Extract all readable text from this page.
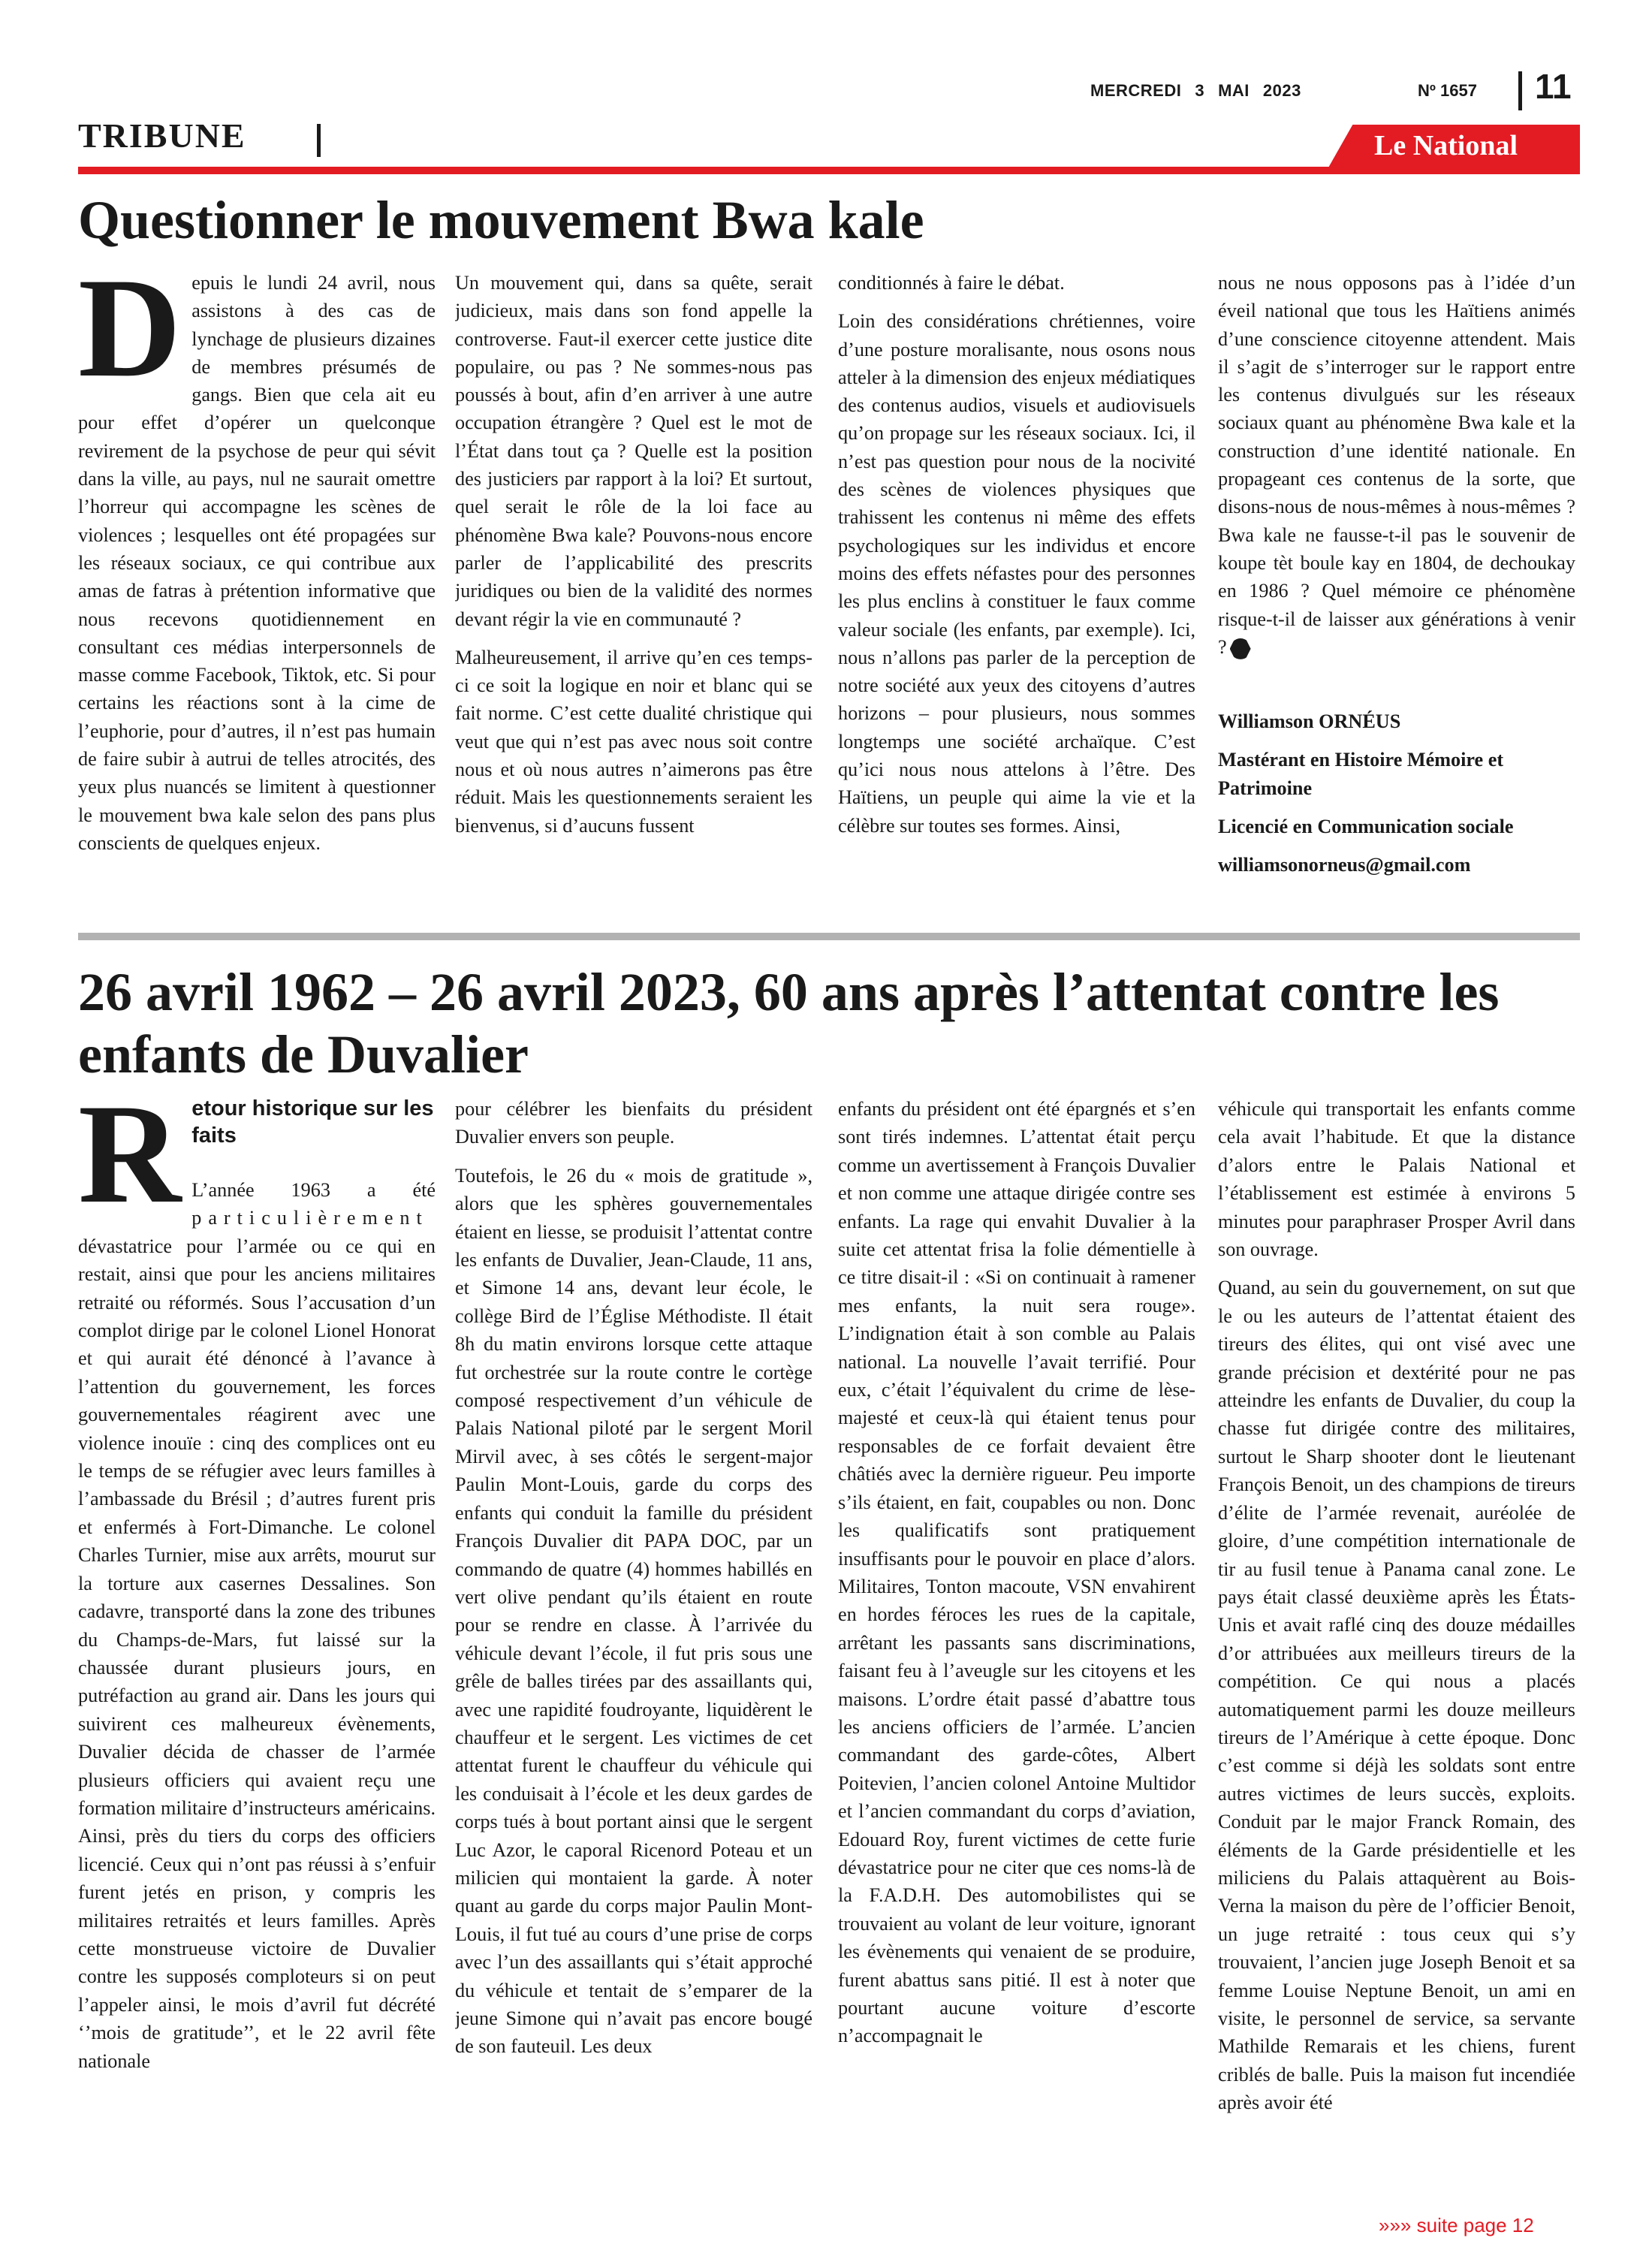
MERCREDI 3 MAI 2023	Nº 1657 11
TRIBUNE	Le National
Questionner le mouvement Bwa kale

Depuis le lundi 24 avril, nous assistons à des cas de lynchage de plusieurs dizaines de membres présumés de gangs. Bien que cela ait eu pour effet d’opérer un quelconque revirement de la psychose de peur qui sévit dans la ville, au pays, nul ne saurait omettre l’horreur qui accompagne les scènes de violences ; lesquelles ont été propagées sur les réseaux sociaux, ce qui contribue aux amas de fatras à prétention informative que nous recevons quotidiennement en consultant ces médias interpersonnels de masse comme Facebook, Tiktok, etc. Si pour certains les réactions sont à la cime de l’euphorie, pour d’autres, il n’est pas humain de faire subir à autrui de telles atrocités, des yeux plus nuancés se limitent à questionner le mouvement bwa kale selon des pans plus conscients de quelques enjeux.

Un mouvement qui, dans sa quête, serait judicieux, mais dans son fond appelle la controverse. Faut-il exercer cette justice dite populaire, ou pas ? Ne sommes-nous pas poussés à bout, afin d’en arriver à une autre occupation étrangère ? Quel est le mot de l’État dans tout ça ? Quelle est la position des justiciers par rapport à la loi? Et surtout, quel serait le rôle de la loi face au phénomène Bwa kale? Pouvons-nous encore parler de l’applicabilité des prescrits juridiques ou bien de la validité des normes devant régir la vie en communauté ?

Malheureusement, il arrive qu’en ces temps-ci ce soit la logique en noir et blanc qui se fait norme. C’est cette dualité christique qui veut que qui n’est pas avec nous soit contre nous et où nous autres n’aimerons pas être réduit. Mais les questionnements seraient les bienvenus, si d’aucuns fussent

conditionnés à faire le débat.

Loin des considérations chrétiennes, voire d’une posture moralisante, nous osons nous atteler à la dimension des enjeux médiatiques des contenus audios, visuels et audiovisuels qu’on propage sur les réseaux sociaux. Ici, il n’est pas question pour nous de la nocivité des scènes de violences physiques que trahissent les contenus ni même des effets psychologiques sur les individus et encore moins des effets néfastes pour des personnes les plus enclins à constituer le faux comme valeur sociale (les enfants, par exemple). Ici, nous n’allons pas parler de la perception de notre société aux yeux des citoyens d’autres horizons – pour plusieurs, nous sommes longtemps une société archaïque. C’est qu’ici nous nous attelons à l’être. Des Haïtiens, un peuple qui aime la vie et la célèbre sur toutes ses formes. Ainsi,

nous ne nous opposons pas à l’idée d’un éveil national que tous les Haïtiens animés d’une conscience citoyenne attendent. Mais il s’agit de s’interroger sur le rapport entre les contenus divulgués sur les réseaux sociaux quant au phénomène Bwa kale et la construction d’une identité nationale. En propageant ces contenus de la sorte, que disons-nous de nous-mêmes à nous-mêmes ? Bwa kale ne fausse-t-il pas le souvenir de koupe tèt boule kay en 1804, de dechoukay en 1986 ? Quel mémoire ce phénomène risque-t-il de laisser aux générations à venir ?

Williamson ORNÉUS

Mastérant en Histoire Mémoire et Patrimoine

Licencié en Communication sociale

williamsonorneus@gmail.com

26 avril 1962 – 26 avril 2023, 60 ans après l’attentat contre les enfants de Duvalier
R etour historique sur les faits

L’année 1963 a été particulièrement dévastatrice pour l’armée ou ce qui en restait, ainsi que pour les anciens militaires retraité ou réformés. Sous l’accusation d’un complot dirige par le colonel Lionel Honorat et qui aurait été dénoncé à l’avance à l’attention du gouvernement, les forces gouvernementales réagirent avec une violence inouïe : cinq des complices ont eu le temps de se réfugier avec leurs familles à l’ambassade du Brésil ; d’autres furent pris et enfermés à Fort-Dimanche. Le colonel Charles Turnier, mise aux arrêts, mourut sur la torture aux casernes Dessalines. Son cadavre, transporté dans la zone des tribunes du Champs-de-Mars, fut laissé sur la chaussée durant plusieurs jours, en putréfaction au grand air. Dans les jours qui suivirent ces malheureux évènements, Duvalier décida de chasser de l’armée plusieurs officiers qui avaient reçu une formation militaire d’instructeurs américains. Ainsi, près du tiers du corps des officiers licencié. Ceux qui n’ont pas réussi à s’enfuir furent jetés en prison, y compris les militaires retraités et leurs familles. Après cette monstrueuse victoire de Duvalier contre les supposés comploteurs si on peut l’appeler ainsi, le mois d’avril fut décrété ‘’mois de gratitude’’, et le 22 avril fête nationale

pour célébrer les bienfaits du président Duvalier envers son peuple.

Toutefois, le 26 du « mois de gratitude », alors que les sphères gouvernementales étaient en liesse, se produisit l’attentat contre les enfants de Duvalier, Jean-Claude, 11 ans, et Simone 14 ans, devant leur école, le collège Bird de l’Église Méthodiste. Il était 8h du matin environs lorsque cette attaque fut orchestrée sur la route contre le cortège composé respectivement d’un véhicule de Palais National piloté par le sergent Moril Mirvil avec, à ses côtés le sergent-major Paulin Mont-Louis, garde du corps des enfants qui conduit la famille du président François Duvalier dit PAPA DOC, par un commando de quatre (4) hommes habillés en vert olive pendant qu’ils étaient en route pour se rendre en classe. À l’arrivée du véhicule devant l’école, il fut pris sous une grêle de balles tirées par des assaillants qui, avec une rapidité foudroyante, liquidèrent le chauffeur et le sergent. Les victimes de cet attentat furent le chauffeur du véhicule qui les conduisait à l’école et les deux gardes de corps tués à bout portant ainsi que le sergent Luc Azor, le caporal Ricenord Poteau et un milicien qui montaient la garde. À noter quant au garde du corps major Paulin Mont-Louis, il fut tué au cours d’une prise de corps avec l’un des assaillants qui s’était approché du véhicule et tentait de s’emparer de la jeune Simone qui n’avait pas encore bougé de son fauteuil. Les deux

enfants du président ont été épargnés et s’en sont tirés indemnes. L’attentat était perçu comme un avertissement à François Duvalier et non comme une attaque dirigée contre ses enfants. La rage qui envahit Duvalier à la suite cet attentat frisa la folie démentielle à ce titre disait-il : «Si on continuait à ramener mes enfants, la nuit sera rouge». L’indignation était à son comble au Palais national. La nouvelle l’avait terrifié. Pour eux, c’était l’équivalent du crime de lèse-majesté et ceux-là qui étaient tenus pour responsables de ce forfait devaient être châtiés avec la dernière rigueur. Peu importe s’ils étaient, en fait, coupables ou non. Donc les qualificatifs sont pratiquement insuffisants pour le pouvoir en place d’alors. Militaires, Tonton macoute, VSN envahirent en hordes féroces les rues de la capitale, arrêtant les passants sans discriminations, faisant feu à l’aveugle sur les citoyens et les maisons. L’ordre était passé d’abattre tous les anciens officiers de l’armée. L’ancien commandant des garde-côtes, Albert Poitevien, l’ancien colonel Antoine Multidor et l’ancien commandant du corps d’aviation, Edouard Roy, furent victimes de cette furie dévastatrice pour ne citer que ces noms-là de la F.A.D.H. Des automobilistes qui se trouvaient au volant de leur voiture, ignorant les évènements qui venaient de se produire, furent abattus sans pitié. Il est à noter que pourtant aucune voiture d’escorte n’accompagnait le

véhicule qui transportait les enfants comme cela avait l’habitude. Et que la distance d’alors entre le Palais National et l’établissement est estimée à environs 5 minutes pour paraphraser Prosper Avril dans son ouvrage.

Quand, au sein du gouvernement, on sut que le ou les auteurs de l’attentat étaient des tireurs des élites, qui ont visé avec une grande précision et dextérité pour ne pas atteindre les enfants de Duvalier, du coup la chasse fut dirigée contre des militaires, surtout le Sharp shooter dont le lieutenant François Benoit, un des champions de tireurs d’élite de l’armée revenait, auréolée de gloire, d’une compétition internationale de tir au fusil tenue à Panama canal zone. Le pays était classé deuxième après les États-Unis et avait raflé cinq des douze médailles d’or attribuées aux meilleurs tireurs de la compétition. Ce qui nous a placés automatiquement parmi les douze meilleurs tireurs de l’Amérique à cette époque. Donc c’est comme si déjà les soldats sont entre autres victimes de leurs succès, exploits. Conduit par le major Franck Romain, des éléments de la Garde présidentielle et les miliciens du Palais attaquèrent au Bois-Verna la maison du père de l’officier Benoit, un juge retraité : tous ceux qui s’y trouvaient, l’ancien juge Joseph Benoit et sa femme Louise Neptune Benoit, un ami en visite, le personnel de service, sa servante Mathilde Remarais et les chiens, furent criblés de balle. Puis la maison fut incendiée après avoir été

»»» suite page 12
